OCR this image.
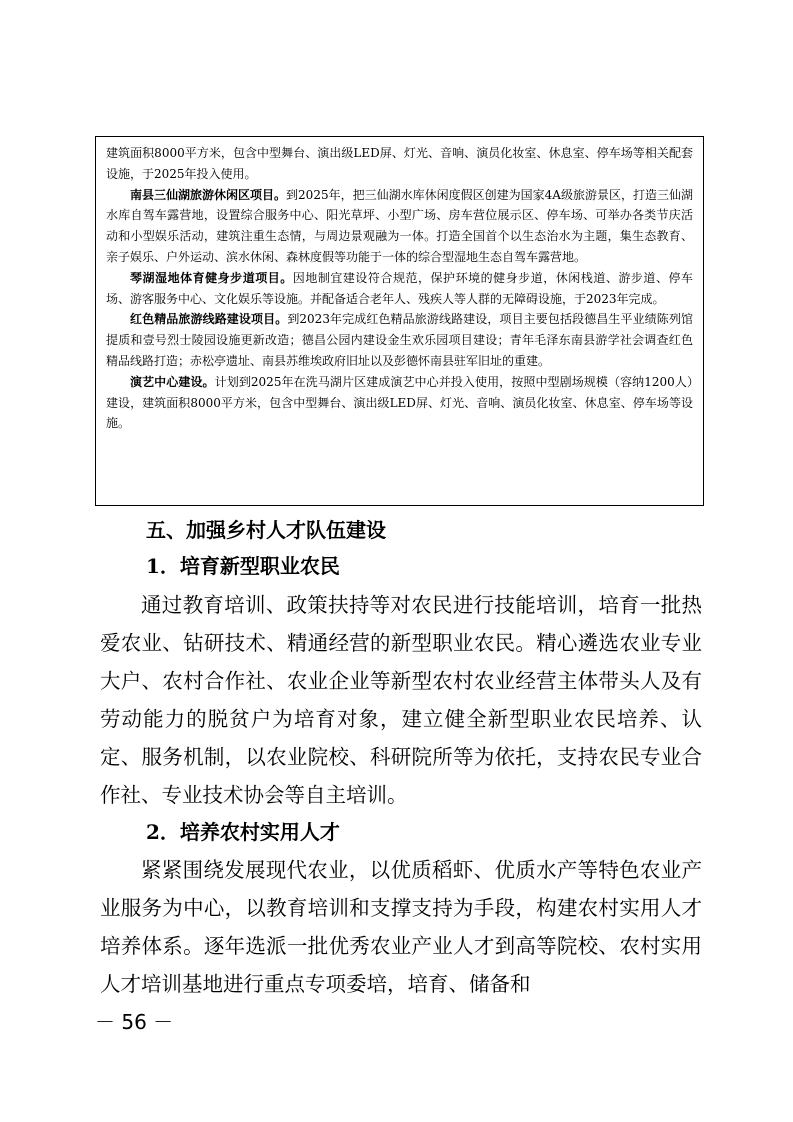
建筑面积8000平方米，包含中型舞台、演出级LED屏、灯光、音响、演员化妆室、休息室、停车场等相关配套设施，于2025年投入使用。

南县三仙湖旅游休闲区项目。到2025年，把三仙湖水库休闲度假区创建为国家4A级旅游景区，打造三仙湖水库自驾车露营地，设置综合服务中心、阳光草坪、小型广场、房车营位展示区、停车场、可举办各类节庆活动和小型娱乐活动，建筑注重生态情，与周边景观融为一体。打造全国首个以生态治水为主题，集生态教育、亲子娱乐、户外运动、滨水休闲、森林度假等功能于一体的综合型湿地生态自驾车露营地。

琴湖湿地体育健身步道项目。因地制宜建设符合规范，保护环境的健身步道，休闲栈道、游步道、停车场、游客服务中心、文化娱乐等设施。并配备适合老年人、残疾人等人群的无障碍设施，于2023年完成。

红色精品旅游线路建设项目。到2023年完成红色精品旅游线路建设，项目主要包括段德昌生平业绩陈列馆提质和壹号烈士陵园设施更新改造；德昌公园内建设金生欢乐园项目建设；青年毛泽东南县游学社会调查红色精品线路打造；赤松亭遗址、南县苏维埃政府旧址以及彭德怀南县驻军旧址的重建。

演艺中心建设。计划到2025年在洗马湖片区建成演艺中心并投入使用，按照中型剧场规模（容纳1200人）建设，建筑面积8000平方米，包含中型舞台、演出级LED屏、灯光、音响、演员化妆室、休息室、停车场等设施。

五、加强乡村人才队伍建设
1．培育新型职业农民

通过教育培训、政策扶持等对农民进行技能培训，培育一批热爱农业、钻研技术、精通经营的新型职业农民。精心遴选农业专业大户、农村合作社、农业企业等新型农村农业经营主体带头人及有劳动能力的脱贫户为培育对象，建立健全新型职业农民培养、认定、服务机制，以农业院校、科研院所等为依托，支持农民专业合作社、专业技术协会等自主培训。

2．培养农村实用人才

紧紧围绕发展现代农业，以优质稻虾、优质水产等特色农业产业服务为中心，以教育培训和支撑支持为手段，构建农村实用人才培养体系。逐年选派一批优秀农业产业人才到高等院校、农村实用人才培训基地进行重点专项委培，培育、储备和

－ 56 －
